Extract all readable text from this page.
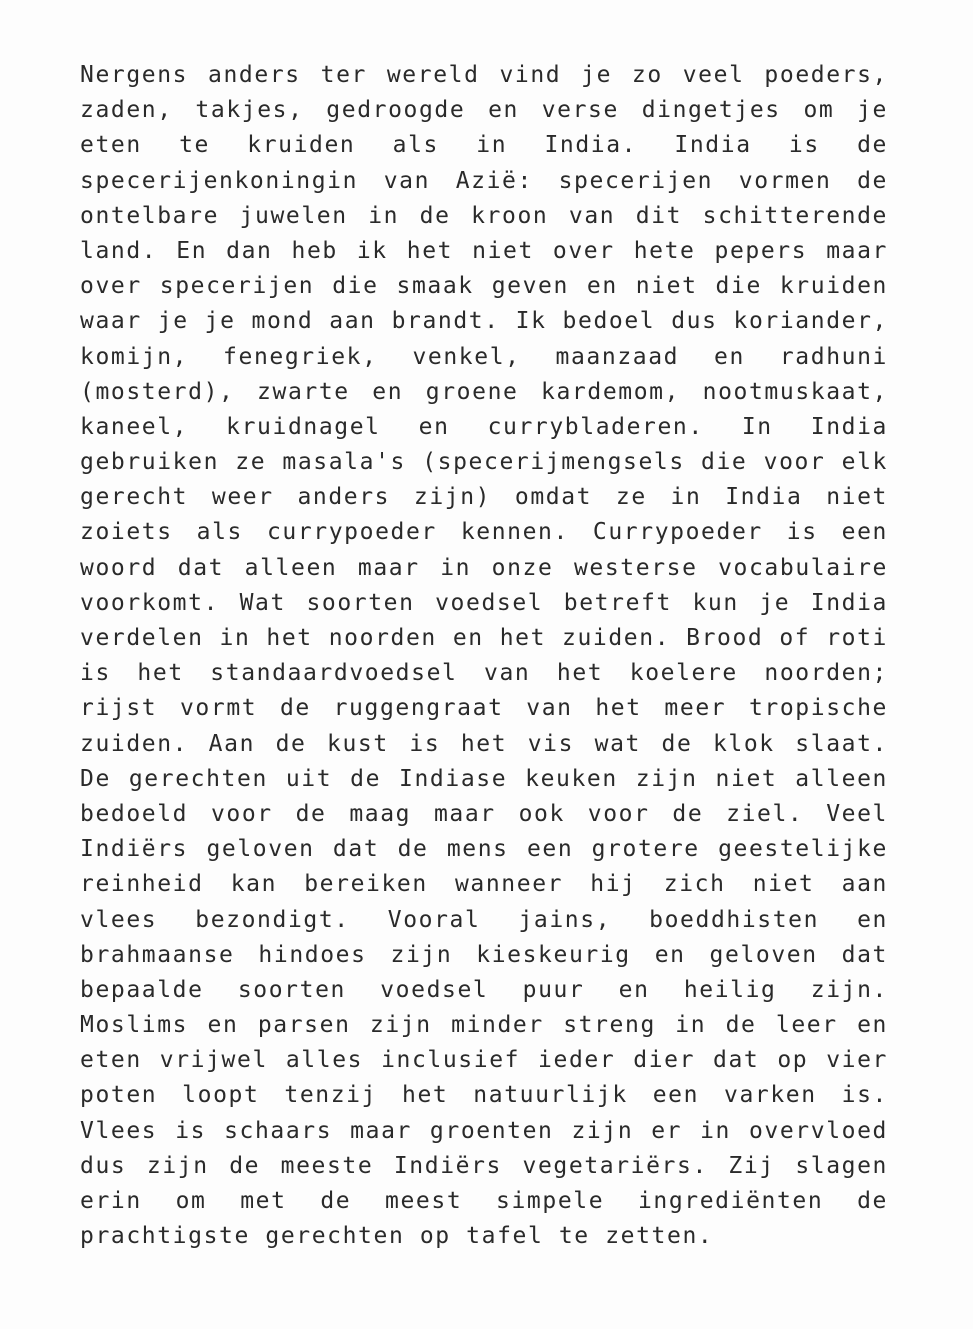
Nergens anders ter wereld vind je zo veel poeders,
zaden, takjes, gedroogde en verse dingetjes om je
eten te kruiden als in India. India is de
specerijenkoningin van Azië: specerijen vormen de
ontelbare juwelen in de kroon van dit schitterende
land. En dan heb ik het niet over hete pepers maar
over specerijen die smaak geven en niet die kruiden
waar je je mond aan brandt. Ik bedoel dus koriander,
komijn, fenegriek, venkel, maanzaad en radhuni
(mosterd), zwarte en groene kardemom, nootmuskaat,
kaneel, kruidnagel en currybladeren. In India
gebruiken ze masala's (specerijmengsels die voor elk
gerecht weer anders zijn) omdat ze in India niet
zoiets als currypoeder kennen. Currypoeder is een
woord dat alleen maar in onze westerse vocabulaire
voorkomt. Wat soorten voedsel betreft kun je India
verdelen in het noorden en het zuiden. Brood of roti
is het standaardvoedsel van het koelere noorden;
rijst vormt de ruggengraat van het meer tropische
zuiden. Aan de kust is het vis wat de klok slaat.
De gerechten uit de Indiase keuken zijn niet alleen
bedoeld voor de maag maar ook voor de ziel. Veel
Indiërs geloven dat de mens een grotere geestelijke
reinheid kan bereiken wanneer hij zich niet aan
vlees bezondigt. Vooral jains, boeddhisten en
brahmaanse hindoes zijn kieskeurig en geloven dat
bepaalde soorten voedsel puur en heilig zijn.
Moslims en parsen zijn minder streng in de leer en
eten vrijwel alles inclusief ieder dier dat op vier
poten loopt tenzij het natuurlijk een varken is.
Vlees is schaars maar groenten zijn er in overvloed
dus zijn de meeste Indiërs vegetariërs. Zij slagen
erin om met de meest simpele ingrediënten de
prachtigste gerechten op tafel te zetten.
